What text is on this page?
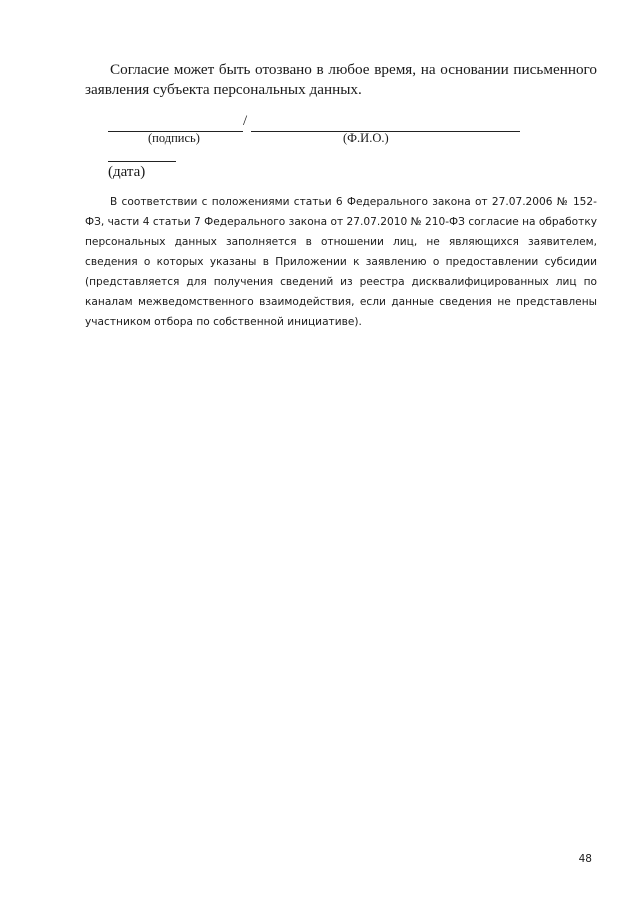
Согласие может быть отозвано в любое время, на основании письменного заявления субъекта персональных данных.

/
(подпись)	(Ф.И.О.)
(дата)

В соответствии с положениями статьи 6 Федерального закона от 27.07.2006 № 152-ФЗ, части 4 статьи 7 Федерального закона от 27.07.2010 № 210-ФЗ согласие на обработку персональных данных заполняется в отношении лиц, не являющихся заявителем, сведения о которых указаны в Приложении к заявлению о предоставлении субсидии (представляется для получения сведений из реестра дисквалифицированных лиц по каналам межведомственного взаимодействия, если данные сведения не представлены участником отбора по собственной инициативе).

48
